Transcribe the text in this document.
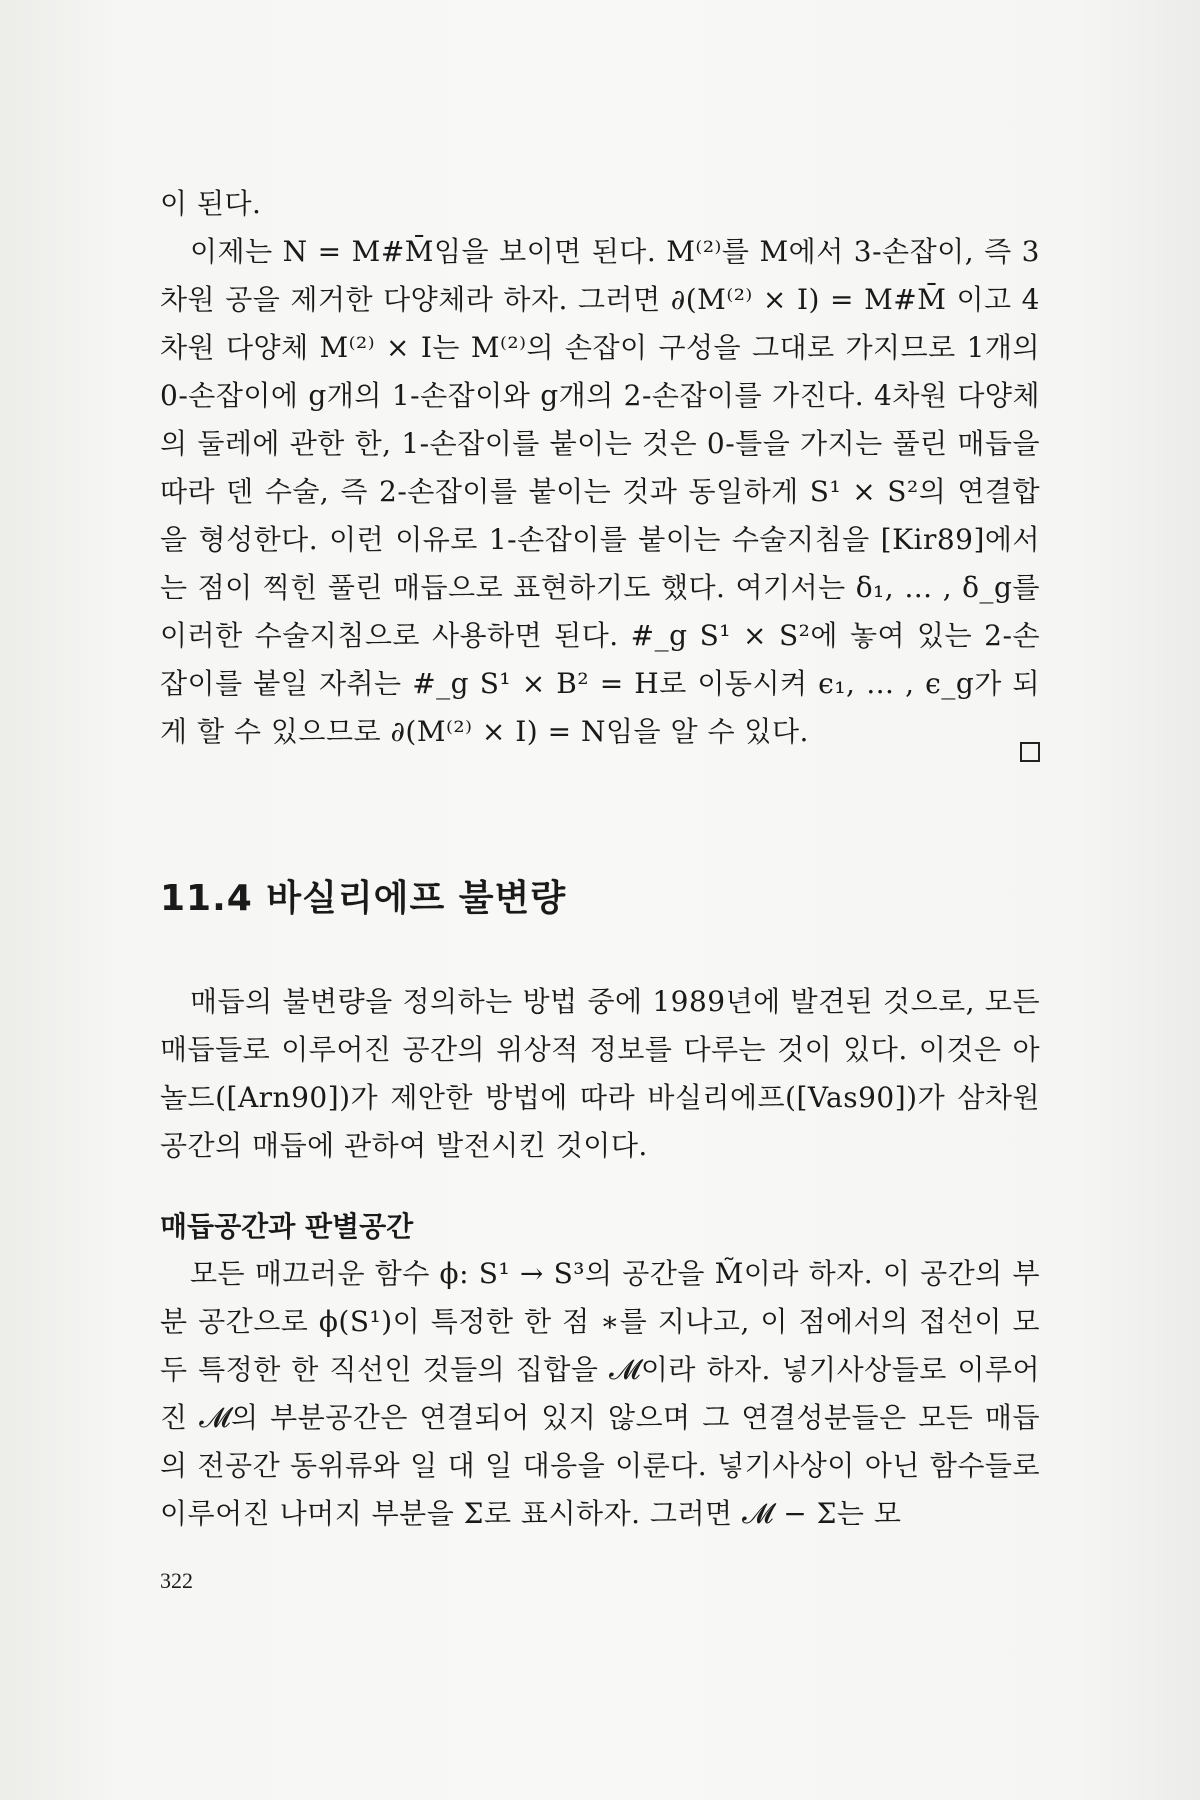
이 된다.

이제는 N = M#M̄임을 보이면 된다. M⁽²⁾를 M에서 3-손잡이, 즉 3차원 공을 제거한 다양체라 하자. 그러면 ∂(M⁽²⁾ × I) = M#M̄ 이고 4차원 다양체 M⁽²⁾ × I는 M⁽²⁾의 손잡이 구성을 그대로 가지므로 1개의 0-손잡이에 g개의 1-손잡이와 g개의 2-손잡이를 가진다. 4차원 다양체의 둘레에 관한 한, 1-손잡이를 붙이는 것은 0-틀을 가지는 풀린 매듭을 따라 덴 수술, 즉 2-손잡이를 붙이는 것과 동일하게 S¹ × S²의 연결합을 형성한다. 이런 이유로 1-손잡이를 붙이는 수술지침을 [Kir89]에서는 점이 찍힌 풀린 매듭으로 표현하기도 했다. 여기서는 δ₁, … , δ_g를 이러한 수술지침으로 사용하면 된다. #_g S¹ × S²에 놓여 있는 2-손잡이를 붙일 자취는 #_g S¹ × B² = H로 이동시켜 ϵ₁, … , ϵ_g가 되게 할 수 있으므로 ∂(M⁽²⁾ × I) = N임을 알 수 있다.

11.4 바실리에프 불변량

매듭의 불변량을 정의하는 방법 중에 1989년에 발견된 것으로, 모든 매듭들로 이루어진 공간의 위상적 정보를 다루는 것이 있다. 이것은 아놀드([Arn90])가 제안한 방법에 따라 바실리에프([Vas90])가 삼차원공간의 매듭에 관하여 발전시킨 것이다.

매듭공간과 판별공간

모든 매끄러운 함수 ϕ: S¹ → S³의 공간을 M̃이라 하자. 이 공간의 부분 공간으로 ϕ(S¹)이 특정한 한 점 ∗를 지나고, 이 점에서의 접선이 모두 특정한 한 직선인 것들의 집합을 𝓜이라 하자. 넣기사상들로 이루어진 𝓜의 부분공간은 연결되어 있지 않으며 그 연결성분들은 모든 매듭의 전공간 동위류와 일 대 일 대응을 이룬다. 넣기사상이 아닌 함수들로 이루어진 나머지 부분을 Σ로 표시하자. 그러면 𝓜 − Σ는 모

322
